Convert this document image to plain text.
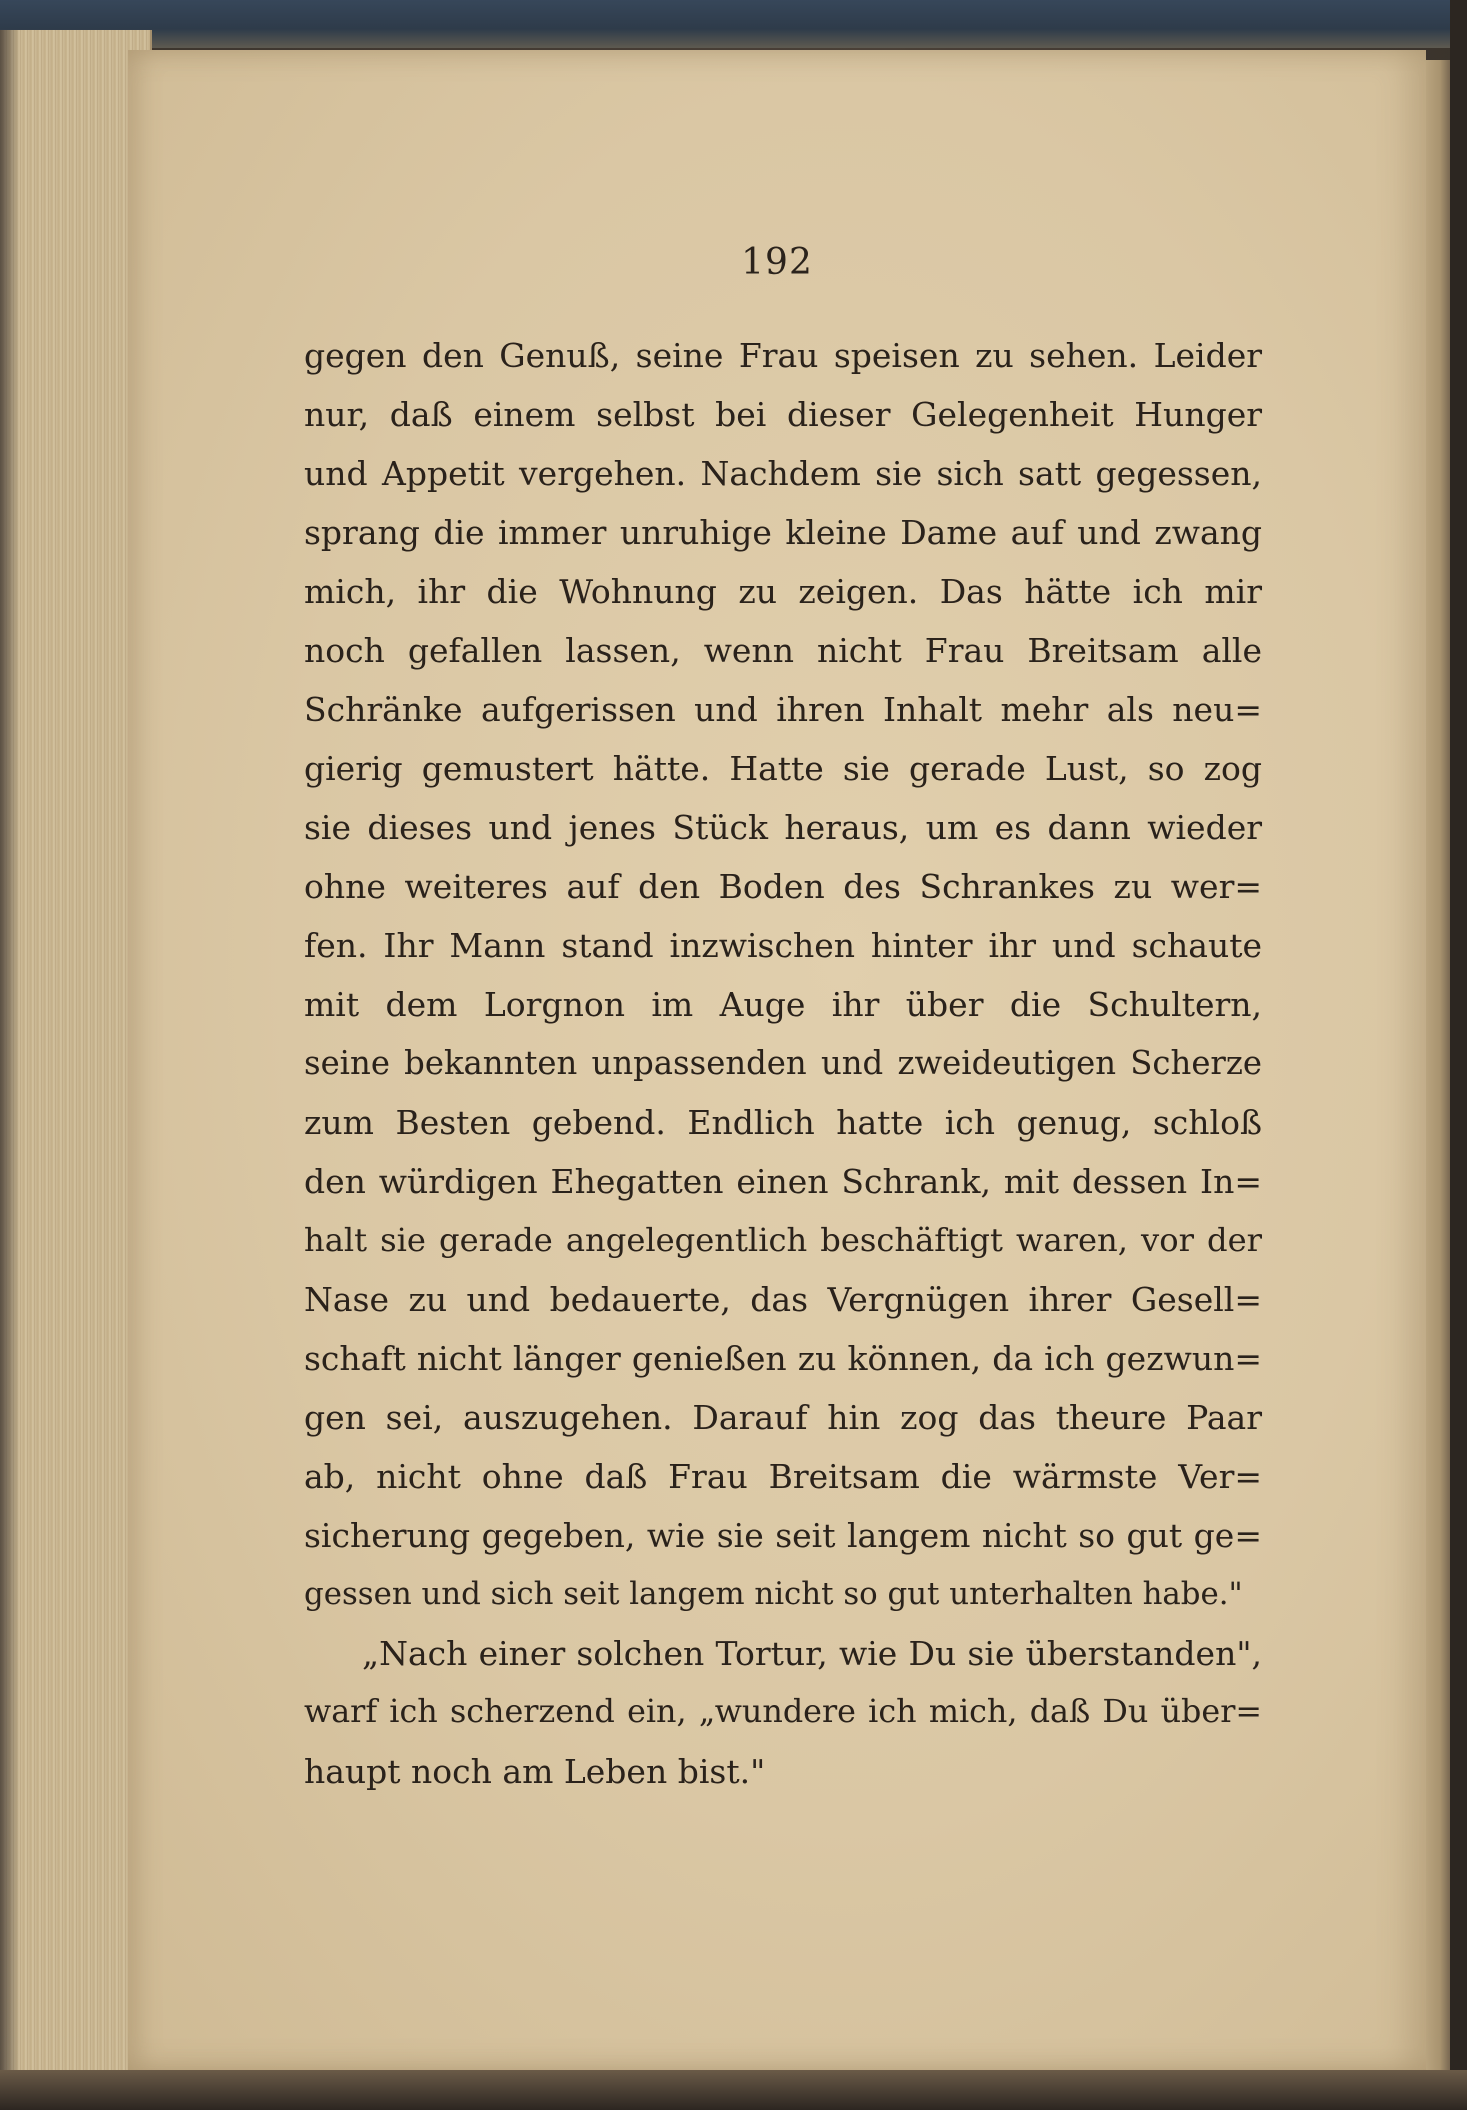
192
gegen den Genuß, seine Frau speisen zu sehen. Leider
nur, daß einem selbst bei dieser Gelegenheit Hunger
und Appetit vergehen. Nachdem sie sich satt gegessen,
sprang die immer unruhige kleine Dame auf und zwang
mich, ihr die Wohnung zu zeigen. Das hätte ich mir
noch gefallen lassen, wenn nicht Frau Breitsam alle
Schränke aufgerissen und ihren Inhalt mehr als neu=
gierig gemustert hätte. Hatte sie gerade Lust, so zog
sie dieses und jenes Stück heraus, um es dann wieder
ohne weiteres auf den Boden des Schrankes zu wer=
fen. Ihr Mann stand inzwischen hinter ihr und schaute
mit dem Lorgnon im Auge ihr über die Schultern,
seine bekannten unpassenden und zweideutigen Scherze
zum Besten gebend. Endlich hatte ich genug, schloß
den würdigen Ehegatten einen Schrank, mit dessen In=
halt sie gerade angelegentlich beschäftigt waren, vor der
Nase zu und bedauerte, das Vergnügen ihrer Gesell=
schaft nicht länger genießen zu können, da ich gezwun=
gen sei, auszugehen. Darauf hin zog das theure Paar
ab, nicht ohne daß Frau Breitsam die wärmste Ver=
sicherung gegeben, wie sie seit langem nicht so gut ge=
gessen und sich seit langem nicht so gut unterhalten habe."
„Nach einer solchen Tortur, wie Du sie überstanden",
warf ich scherzend ein, „wundere ich mich, daß Du über=
haupt noch am Leben bist."
